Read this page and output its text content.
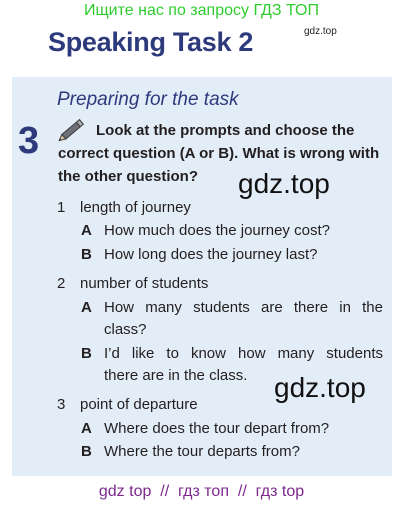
Ищите нас по запросу ГДЗ ТОП
Speaking Task 2	gdz.top
Preparing for the task
3	Look at the prompts and choose the
correct question (A or B). What is wrong with
the other question? gdz.top
1 length of journey
A How much does the journey cost?
B How long does the journey last?
2 number of students
A How many students are there in the
class?
B I’d like to know how many students
there are in the class. gdz.top
3 point of departure
A Where does the tour depart from?
B Where the tour departs from?
gdz top  //  гдз топ  //  гдз top
